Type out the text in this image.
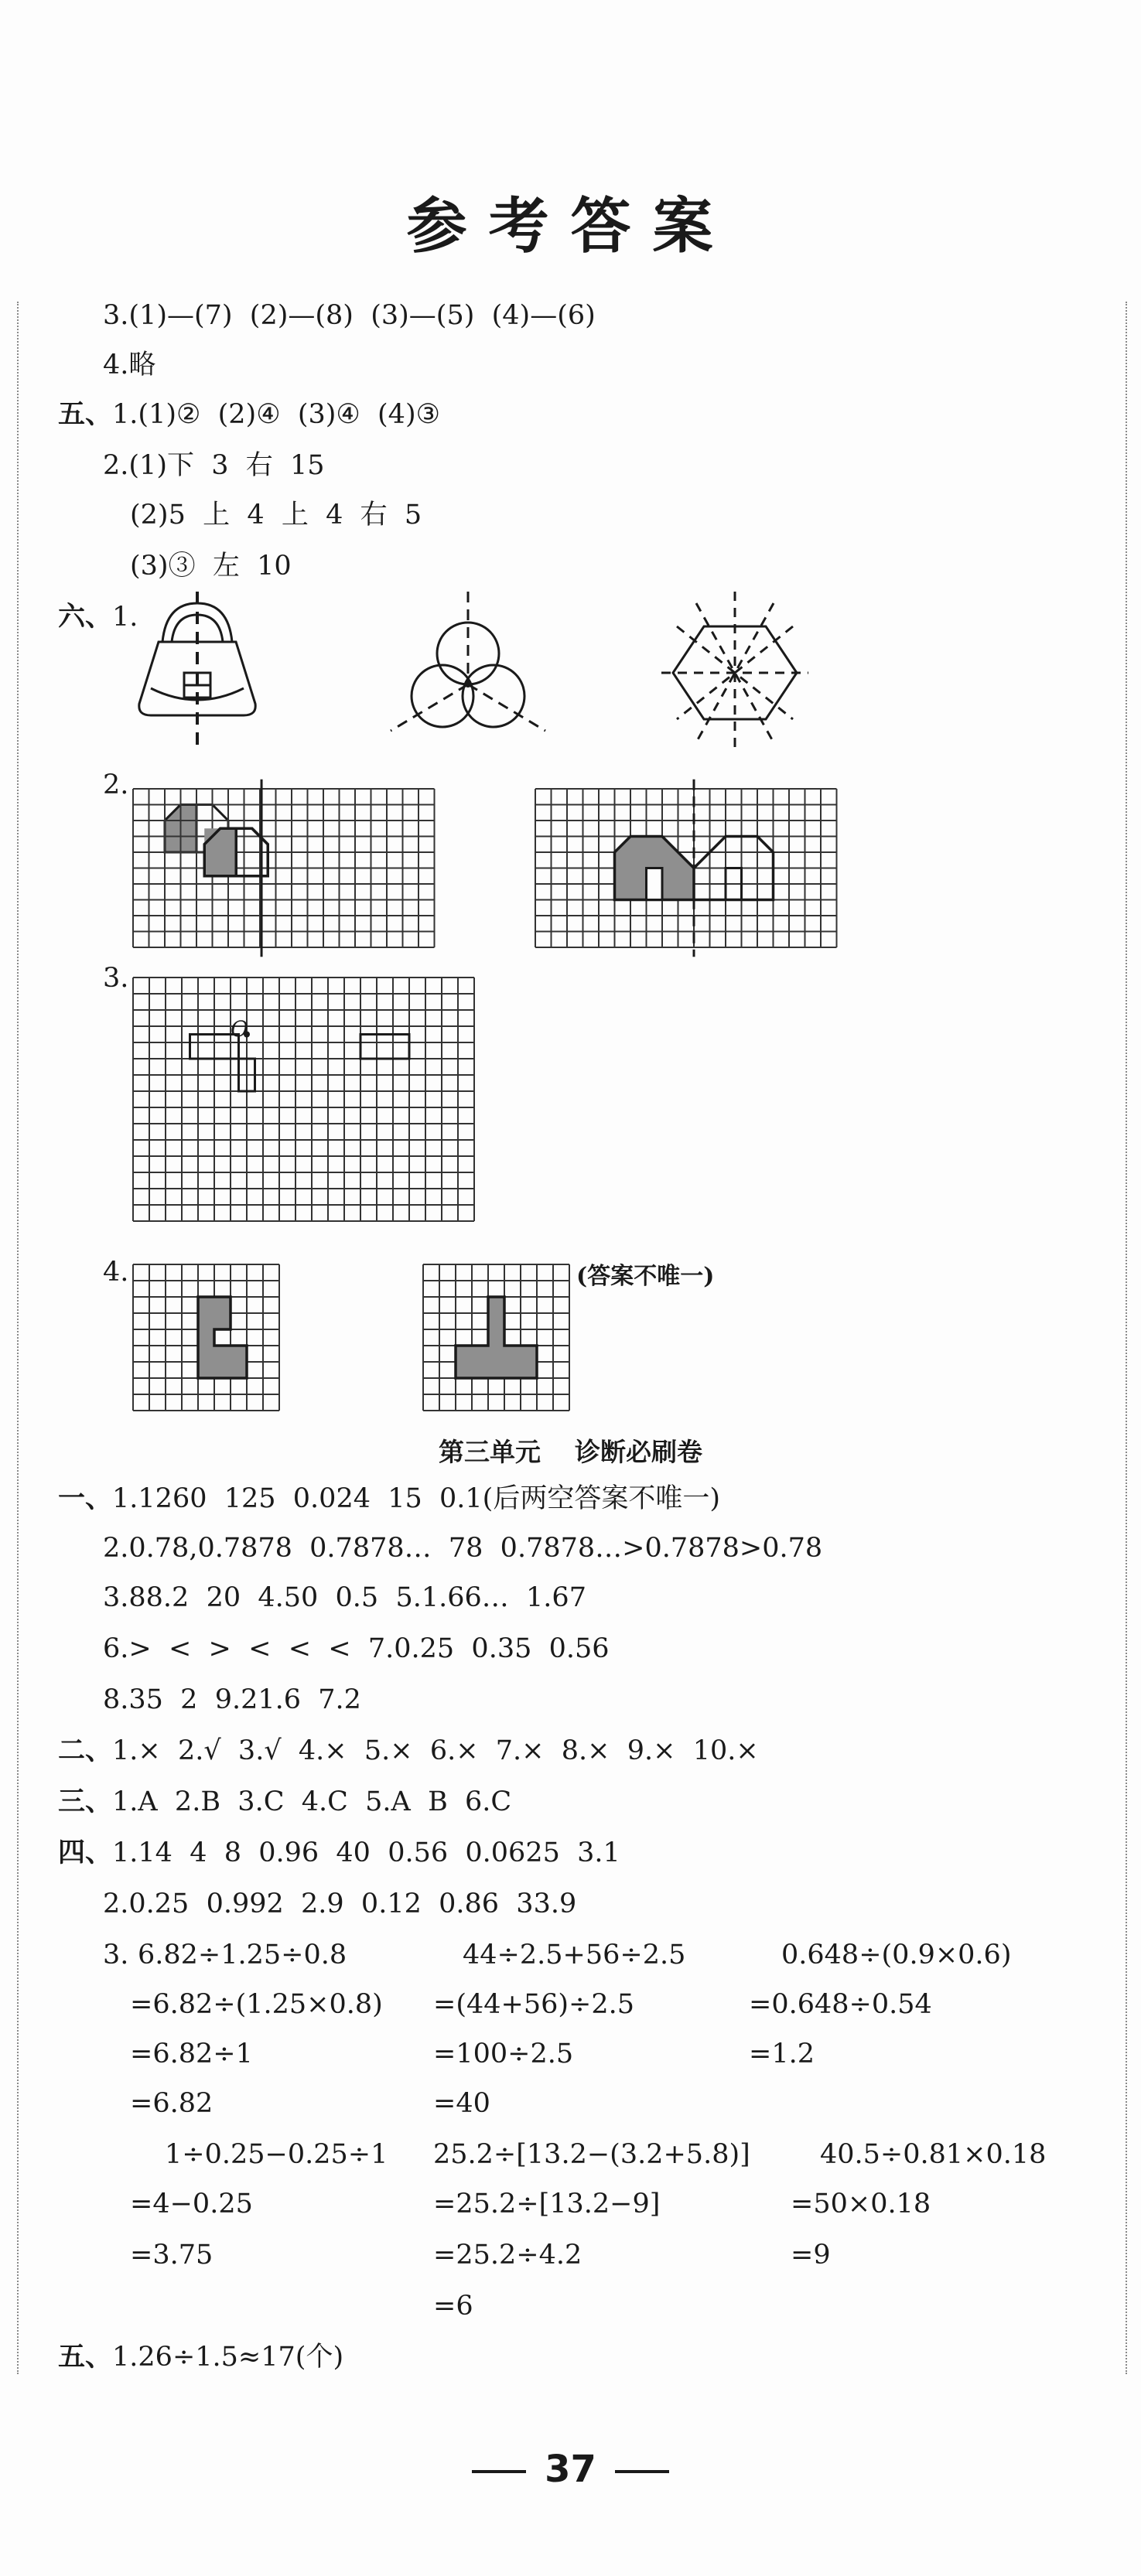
参考答案
3.(1)—(7)  (2)—(8)  (3)—(5)  (4)—(6)
4.略
五、1.(1)②  (2)④  (3)④  (4)③
2.(1)下  3  右  15
(2)5  上  4  上  4  右  5
(3)③  左  10
六、1.
2.
3.
O
4.	(答案不唯一)
第三单元 诊断必刷卷
一、1.1260  125  0.024  15  0.1(后两空答案不唯一)
2.0.78,0.7878  0.7878…  78  0.7878…>0.7878>0.78
3.88.2  20  4.50  0.5  5.1.66…  1.67
6.>  <  >  <  <  <  7.0.25  0.35  0.56
8.35  2  9.21.6  7.2
二、1.×  2.√  3.√  4.×  5.×  6.×  7.×  8.×  9.×  10.×
三、1.A  2.B  3.C  4.C  5.A  B  6.C
四、1.14  4  8  0.96  40  0.56  0.0625  3.1
2.0.25  0.992  2.9  0.12  0.86  33.9
3. 6.82÷1.25÷0.8
=6.82÷(1.25×0.8)
=6.82÷1
=6.82
44÷2.5+56÷2.5
=(44+56)÷2.5
=100÷2.5
=40
0.648÷(0.9×0.6)
=0.648÷0.54
=1.2
1÷0.25−0.25÷1
=4−0.25
=3.75
25.2÷[13.2−(3.2+5.8)]
=25.2÷[13.2−9]
=25.2÷4.2
=6
40.5÷0.81×0.18
=50×0.18
=9
五、1.26÷1.5≈17(个)
37
